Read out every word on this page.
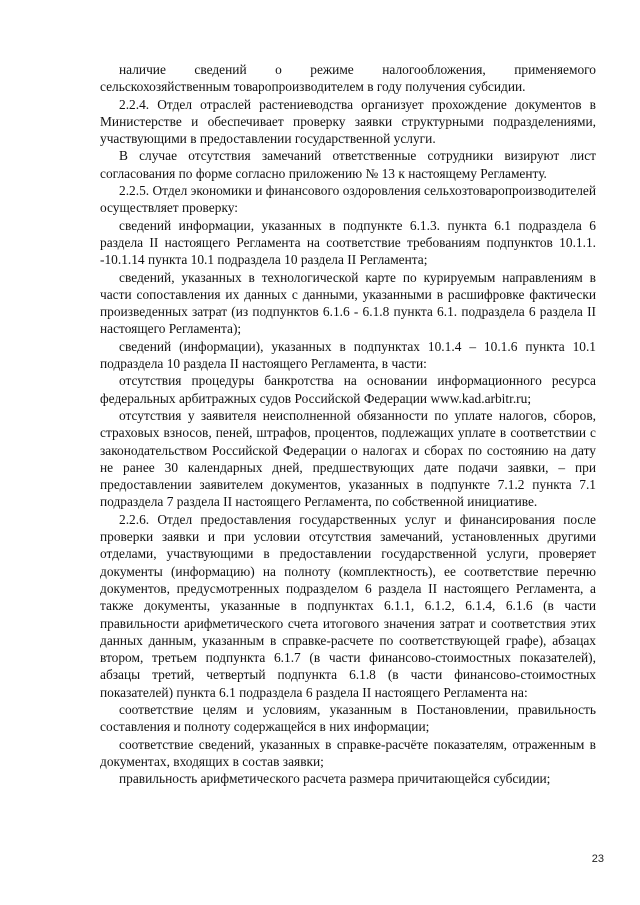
наличие сведений о режиме налогообложения, применяемого сельскохозяйственным товаропроизводителем в году получения субсидии.

2.2.4. Отдел отраслей растениеводства организует прохождение документов в Министерстве и обеспечивает проверку заявки структурными подразделениями, участвующими в предоставлении государственной услуги.

В случае отсутствия замечаний ответственные сотрудники визируют лист согласования по форме согласно приложению № 13 к настоящему Регламенту.

2.2.5. Отдел экономики и финансового оздоровления сельхозтоваропроизводителей осуществляет проверку:

сведений информации, указанных в подпункте 6.1.3. пункта 6.1 подраздела 6 раздела II настоящего Регламента на соответствие требованиям подпунктов 10.1.1. -10.1.14 пункта 10.1 подраздела 10 раздела II Регламента;

сведений, указанных в технологической карте по курируемым направлениям в части сопоставления их данных с данными, указанными в расшифровке фактически произведенных затрат (из подпунктов 6.1.6 - 6.1.8 пункта 6.1. подраздела 6 раздела II настоящего Регламента);

сведений (информации), указанных в подпунктах 10.1.4 – 10.1.6 пункта 10.1 подраздела 10 раздела II настоящего Регламента, в части:

отсутствия процедуры банкротства на основании информационного ресурса федеральных арбитражных судов Российской Федерации www.kad.arbitr.ru;

отсутствия у заявителя неисполненной обязанности по уплате налогов, сборов, страховых взносов, пеней, штрафов, процентов, подлежащих уплате в соответствии с законодательством Российской Федерации о налогах и сборах по состоянию на дату не ранее 30 календарных дней, предшествующих дате подачи заявки, – при предоставлении заявителем документов, указанных в подпункте 7.1.2 пункта 7.1 подраздела 7 раздела II настоящего Регламента, по собственной инициативе.

2.2.6. Отдел предоставления государственных услуг и финансирования после проверки заявки и при условии отсутствия замечаний, установленных другими отделами, участвующими в предоставлении государственной услуги, проверяет документы (информацию) на полноту (комплектность), ее соответствие перечню документов, предусмотренных подразделом 6 раздела II настоящего Регламента, а также документы, указанные в подпунктах 6.1.1, 6.1.2, 6.1.4, 6.1.6 (в части правильности арифметического счета итогового значения затрат и соответствия этих данных данным, указанным в справке-расчете по соответствующей графе), абзацах втором, третьем подпункта 6.1.7 (в части финансово-стоимостных показателей), абзацы третий, четвертый подпункта 6.1.8 (в части финансово-стоимостных показателей) пункта 6.1 подраздела 6 раздела II настоящего Регламента на:

соответствие целям и условиям, указанным в Постановлении, правильность составления и полноту содержащейся в них информации;

соответствие сведений, указанных в справке-расчёте показателям, отраженным в документах, входящих в состав заявки;

правильность арифметического расчета размера причитающейся субсидии;

23
